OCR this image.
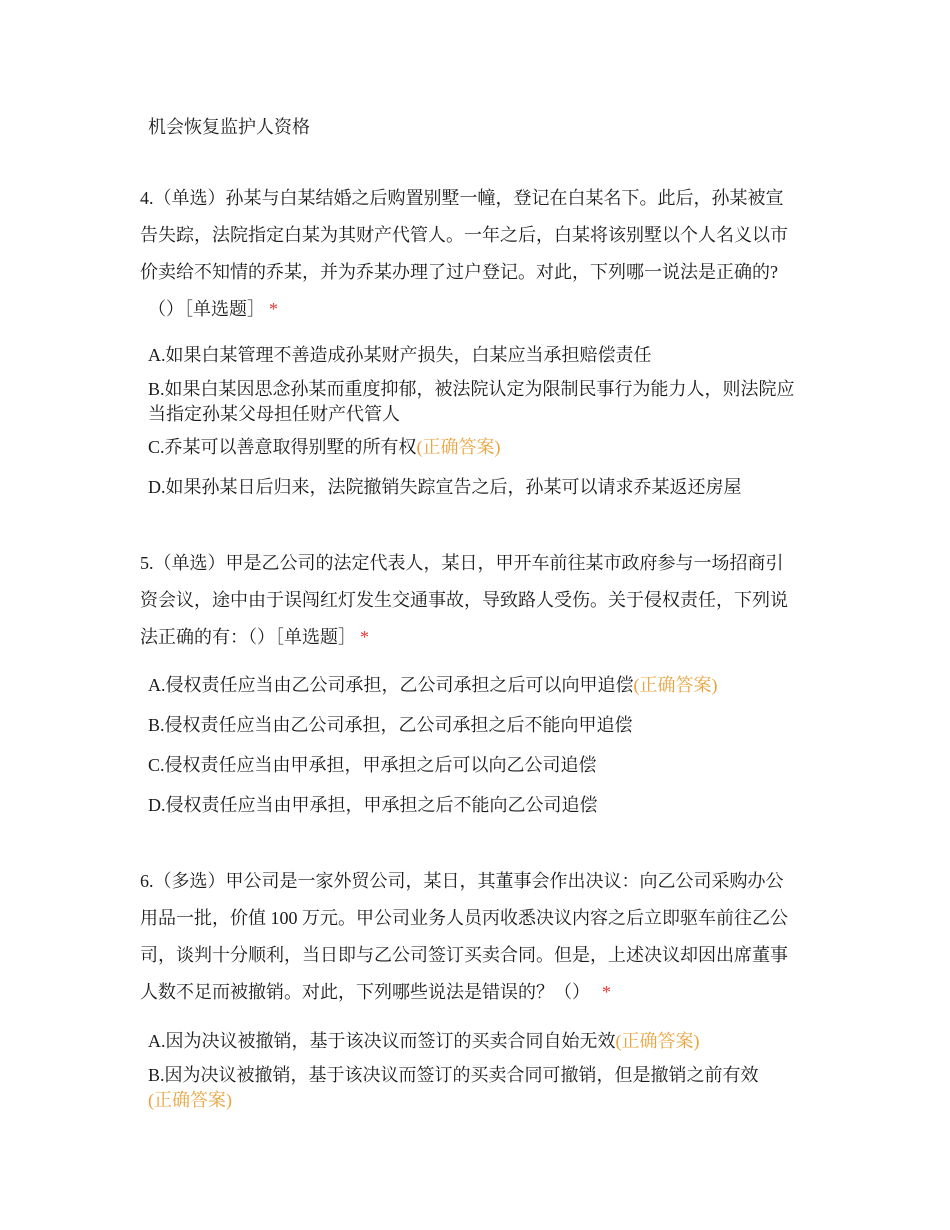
机会恢复监护人资格
4.（单选）孙某与白某结婚之后购置别墅一幢，登记在白某名下。此后，孙某被宣
告失踪，法院指定白某为其财产代管人。一年之后，白某将该别墅以个人名义以市
价卖给不知情的乔某，并为乔某办理了过户登记。对此，下列哪一说法是正确的?
（）［单选题］ *
A.如果白某管理不善造成孙某财产损失，白某应当承担赔偿责任
B.如果白某因思念孙某而重度抑郁，被法院认定为限制民事行为能力人，则法院应当指定孙某父母担任财产代管人
C.乔某可以善意取得别墅的所有权(正确答案)
D.如果孙某日后归来，法院撤销失踪宣告之后，孙某可以请求乔某返还房屋
5.（单选）甲是乙公司的法定代表人，某日，甲开车前往某市政府参与一场招商引
资会议，途中由于误闯红灯发生交通事故，导致路人受伤。关于侵权责任，下列说
法正确的有：（）［单选题］ *
A.侵权责任应当由乙公司承担，乙公司承担之后可以向甲追偿(正确答案)
B.侵权责任应当由乙公司承担，乙公司承担之后不能向甲追偿
C.侵权责任应当由甲承担，甲承担之后可以向乙公司追偿
D.侵权责任应当由甲承担，甲承担之后不能向乙公司追偿
6.（多选）甲公司是一家外贸公司，某日，其董事会作出决议：向乙公司采购办公
用品一批，价值 100 万元。甲公司业务人员丙收悉决议内容之后立即驱车前往乙公
司，谈判十分顺利，当日即与乙公司签订买卖合同。但是，上述决议却因出席董事
人数不足而被撤销。对此，下列哪些说法是错误的？（） *
A.因为决议被撤销，基于该决议而签订的买卖合同自始无效(正确答案)
B.因为决议被撤销，基于该决议而签订的买卖合同可撤销，但是撤销之前有效
(正确答案)
